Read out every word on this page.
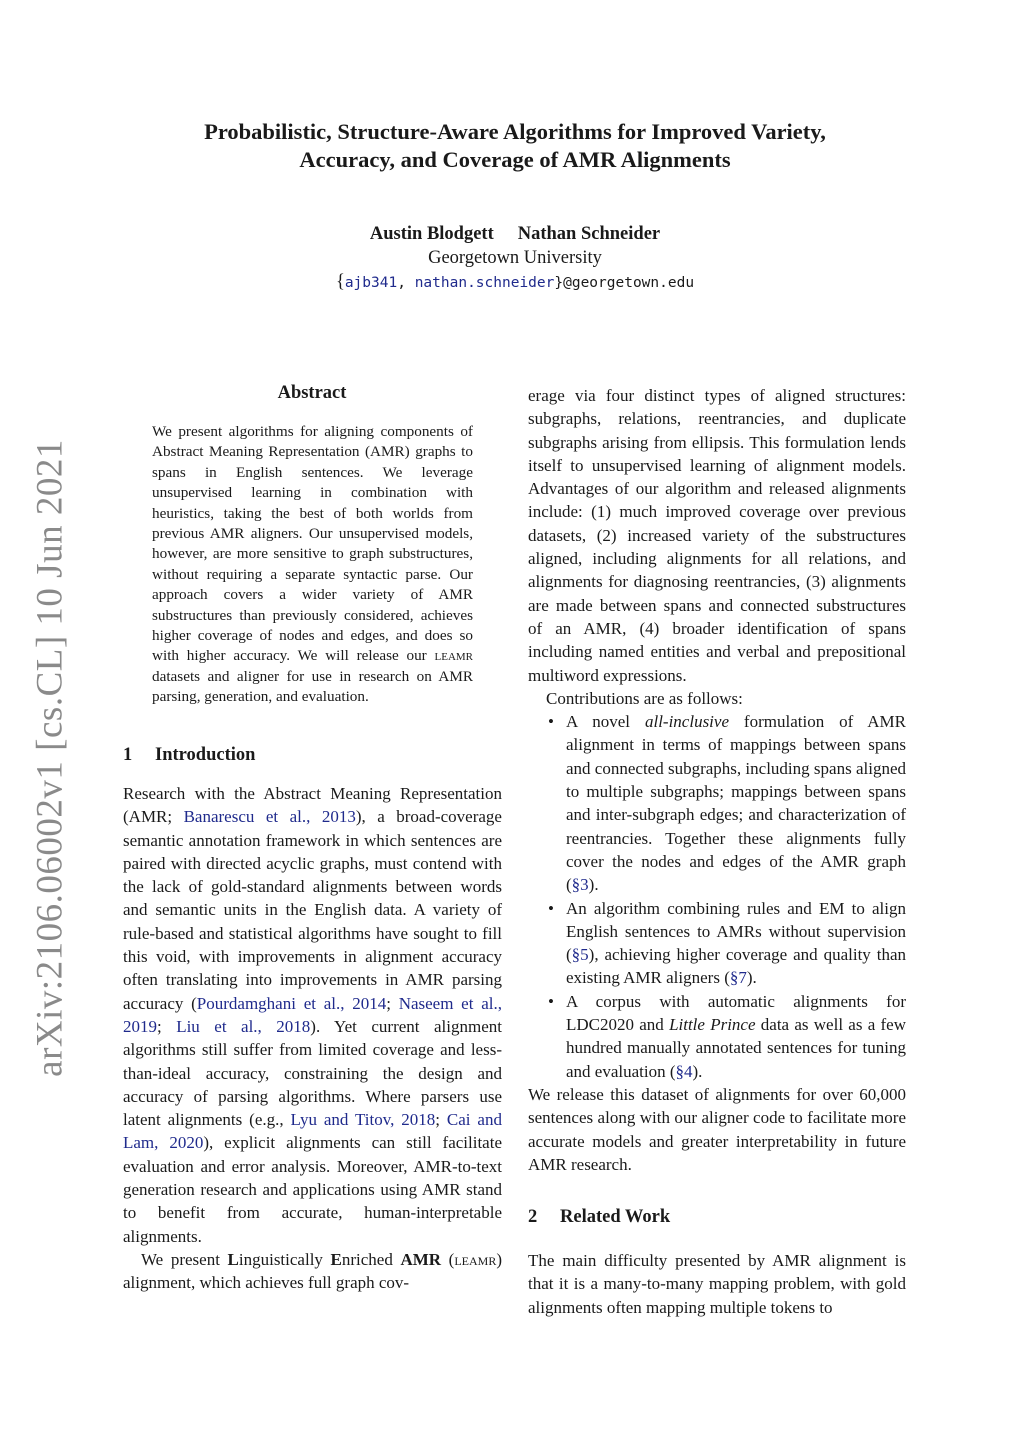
Probabilistic, Structure-Aware Algorithms for Improved Variety,
Accuracy, and Coverage of AMR Alignments
Austin Blodgett Nathan Schneider
Georgetown University
{ajb341, nathan.schneider}@georgetown.edu
arXiv:2106.06002v1 [cs.CL] 10 Jun 2021
Abstract

We present algorithms for aligning components of Abstract Meaning Representation (AMR) graphs to spans in English sentences. We leverage unsupervised learning in combination with heuristics, taking the best of both worlds from previous AMR aligners. Our unsupervised models, however, are more sensitive to graph substructures, without requiring a separate syntactic parse. Our approach covers a wider variety of AMR substructures than previously considered, achieves higher coverage of nodes and edges, and does so with higher accuracy. We will release our leamr datasets and aligner for use in research on AMR parsing, generation, and evaluation.

1 Introduction

Research with the Abstract Meaning Representation (AMR; Banarescu et al., 2013), a broad-coverage semantic annotation framework in which sentences are paired with directed acyclic graphs, must contend with the lack of gold-standard alignments between words and semantic units in the English data. A variety of rule-based and statistical algorithms have sought to fill this void, with improvements in alignment accuracy often translating into improvements in AMR parsing accuracy (Pourdamghani et al., 2014; Naseem et al., 2019; Liu et al., 2018). Yet current alignment algorithms still suffer from limited coverage and less-than-ideal accuracy, constraining the design and accuracy of parsing algorithms. Where parsers use latent alignments (e.g., Lyu and Titov, 2018; Cai and Lam, 2020), explicit alignments can still facilitate evaluation and error analysis. Moreover, AMR-to-text generation research and applications using AMR stand to benefit from accurate, human-interpretable alignments.

We present Linguistically Enriched AMR (leamr) alignment, which achieves full graph cov-

erage via four distinct types of aligned structures: subgraphs, relations, reentrancies, and duplicate subgraphs arising from ellipsis. This formulation lends itself to unsupervised learning of alignment models. Advantages of our algorithm and released alignments include: (1) much improved coverage over previous datasets, (2) increased variety of the substructures aligned, including alignments for all relations, and alignments for diagnosing reentrancies, (3) alignments are made between spans and connected substructures of an AMR, (4) broader identification of spans including named entities and verbal and prepositional multiword expressions.

Contributions are as follows:

• A novel all-inclusive formulation of AMR alignment in terms of mappings between spans and connected subgraphs, including spans aligned to multiple subgraphs; mappings between spans and inter-subgraph edges; and characterization of reentrancies. Together these alignments fully cover the nodes and edges of the AMR graph (§3).
• An algorithm combining rules and EM to align English sentences to AMRs without supervision (§5), achieving higher coverage and quality than existing AMR aligners (§7).
• A corpus with automatic alignments for LDC2020 and Little Prince data as well as a few hundred manually annotated sentences for tuning and evaluation (§4).

We release this dataset of alignments for over 60,000 sentences along with our aligner code to facilitate more accurate models and greater interpretability in future AMR research.

2 Related Work

The main difficulty presented by AMR alignment is that it is a many-to-many mapping problem, with gold alignments often mapping multiple tokens to
